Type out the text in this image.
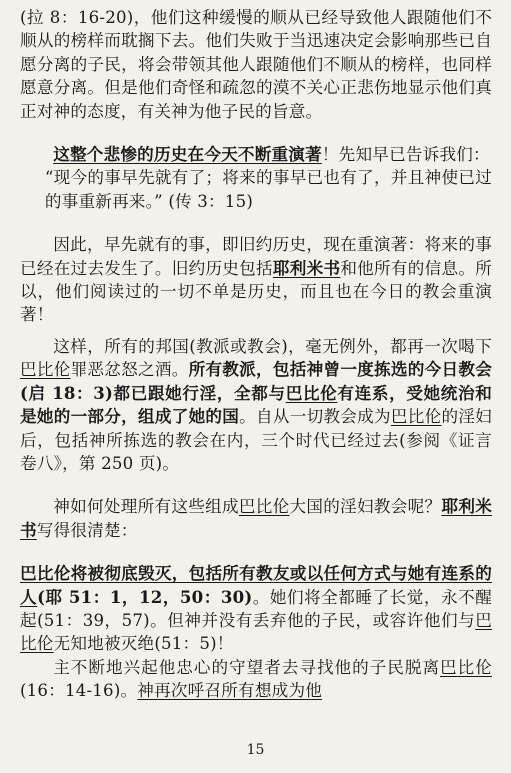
(拉 8：16-20)，他们这种缓慢的顺从已经导致他人跟随他们不顺从的榜样而耽搁下去。他们失败于当迅速决定会影响那些已自愿分离的子民，将会带领其他人跟随他们不顺从的榜样，也同样愿意分离。但是他们奇怪和疏忽的漠不关心正悲伤地显示他们真正对神的态度，有关神为他子民的旨意。

这整个悲惨的历史在今天不断重演著！先知早已告诉我们：

“现今的事早先就有了；将来的事早已也有了，并且神使已过的事重新再来。” (传 3：15)

因此，早先就有的事，即旧约历史，现在重演著：将来的事已经在过去发生了。旧约历史包括耶利米书和他所有的信息。所以，他们阅读过的一切不单是历史，而且也在今日的教会重演著！

这样，所有的邦国(教派或教会)，毫无例外，都再一次喝下巴比伦罪恶忿怒之酒。所有教派，包括神曾一度拣选的今日教会(启 18：3)都已跟她行淫，全都与巴比伦有连系，受她统治和是她的一部分，组成了她的国。自从一切教会成为巴比伦的淫妇后，包括神所拣选的教会在内，三个时代已经过去(参阅《证言卷八》，第 250 页)。

神如何处理所有这些组成巴比伦大国的淫妇教会呢？耶利米书写得很清楚：

巴比伦将被彻底毁灭，包括所有教友或以任何方式与她有连系的人(耶 51：1，12，50：30)。她们将全都睡了长觉，永不醒起(51：39，57)。但神并没有丢弃他的子民，或容许他们与巴比伦无知地被灭绝(51：5)！

主不断地兴起他忠心的守望者去寻找他的子民脱离巴比伦(16：14-16)。神再次呼召所有想成为他

15
